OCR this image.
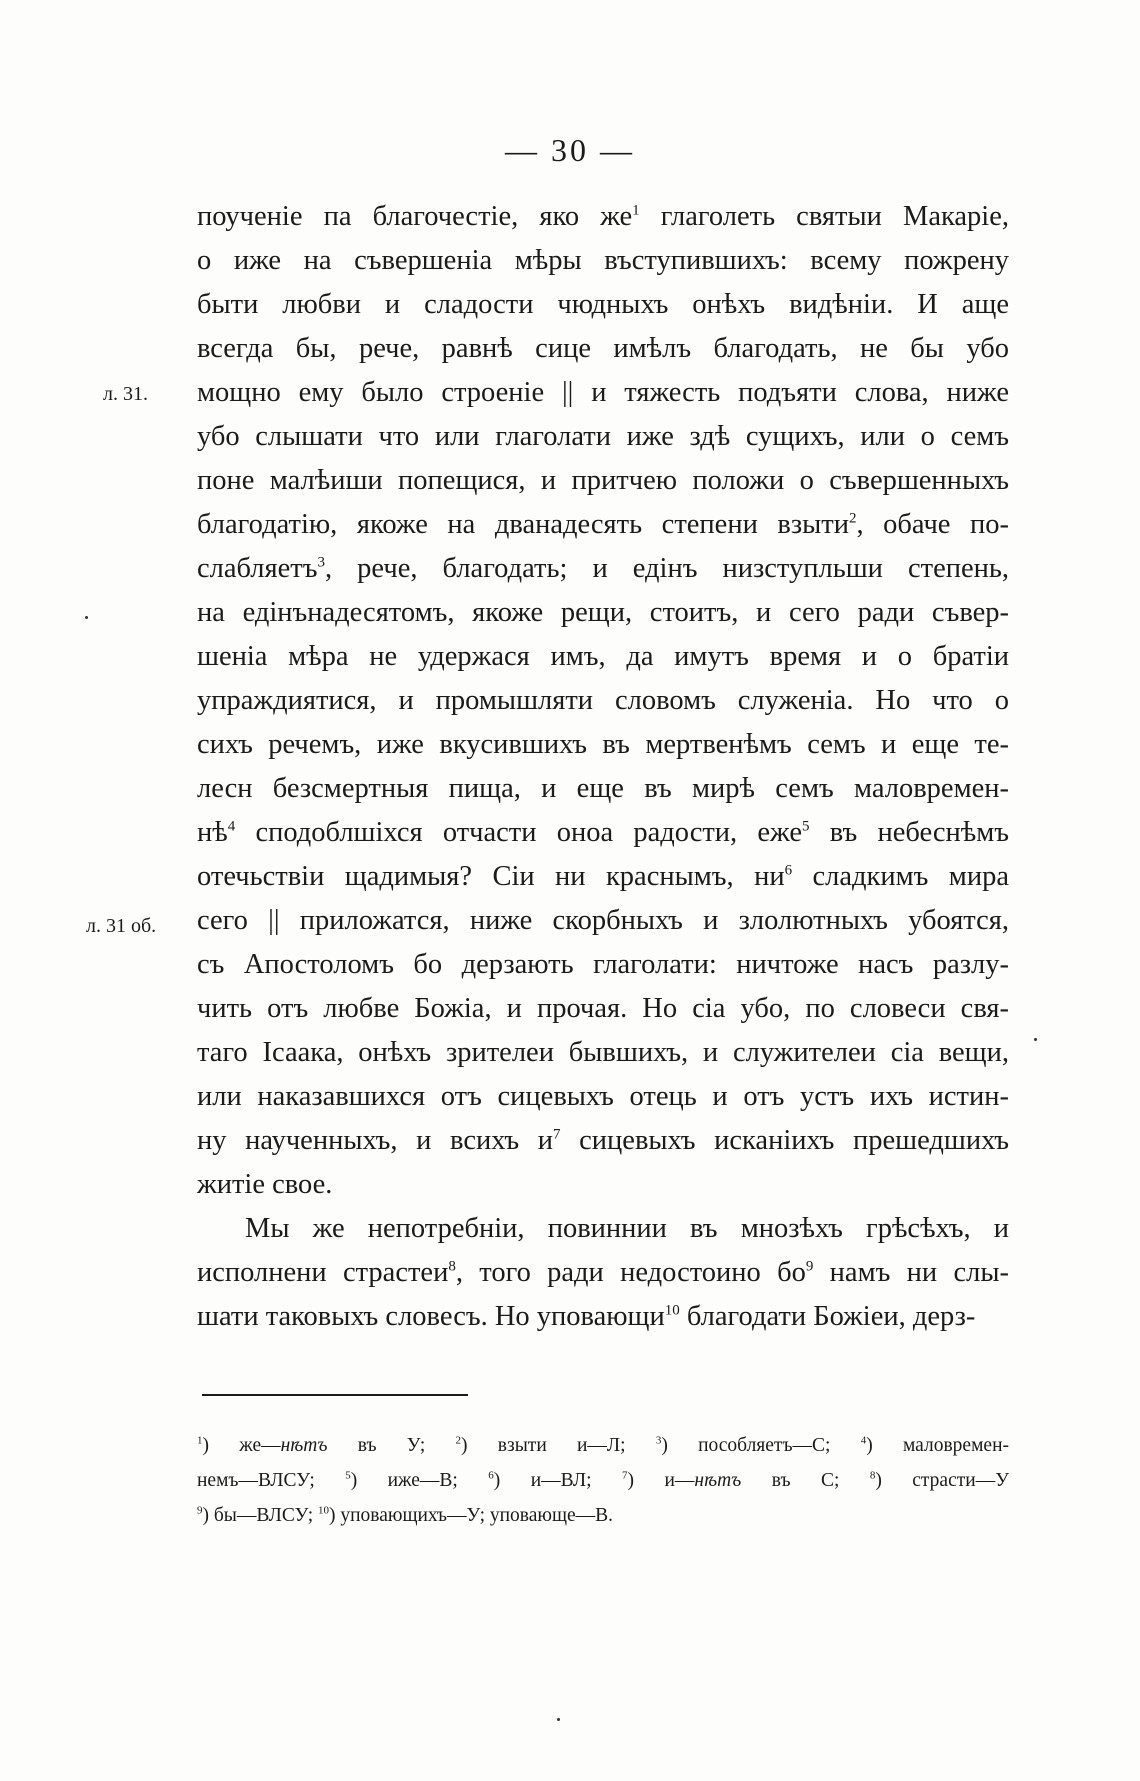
— 30 —
л. 31.
л. 31 об.
поученіе па благочестіе, яко $же^1$ глаголеть святыи Макаріе,
о иже на съвершеніа мѣры въступившихъ: всему пожрену
быти любви и сладости чюдныхъ онѣхъ видѣніи. И аще
всегда бы, рече, равнѣ сице имѣлъ благодать, не бы убо
мощно ему было строеніе || и тяжесть подъяти слова, ниже
убо слышати что или глаголати иже здѣ сущихъ, или о семъ
поне малѣиши попещися, и притчею положи о съвершенныхъ
благодатію, якоже на дванадесять степени взыти$^2$, обаче по-
слабляетъ$^3$, рече, благодать; и едінъ низступльши степень,
на едінънадесятомъ, якоже рещи, стоитъ, и сего ради съвер-
шеніа мѣра не удержася имъ, да имутъ время и о братіи
упраждиятися, и промышляти словомъ служеніа. Но что о
сихъ речемъ, иже вкусившихъ въ мертвенѣмъ семъ и еще те-
лесн безсмертныя пища, и еще въ мирѣ семъ маловремен-
$нѣ^4$ сподоблшіхся отчасти оноа радости, еже$^5$ въ небеснѣмъ
отечьствіи щадимыя? Сіи ни краснымъ, $ни^6$ сладкимъ мира
сего || приложатся, ниже скорбныхъ и злолютныхъ убоятся,
съ Апостоломъ бо дерзають глаголати: ничтоже насъ разлу-
чить отъ любве Божіа, и прочая. Но сіа убо, по словеси свя-
таго Ісаака, онѣхъ зрителеи бывшихъ, и служителеи сіа вещи,
или наказавшихся отъ сицевыхъ отець и отъ устъ ихъ истин-
ну наученныхъ, и всихъ $и^7$ сицевыхъ исканіихъ прешедшихъ
житіе свое.
Мы же непотребніи, повиннии въ мнозѣхъ грѣсѣхъ, и
исполнени страстеи$^8$, того ради недостоино $бо^9$ намъ ни слы-
шати таковыхъ словесъ. Но уповающи$^{10}$ благодати Божіеи, дерз-
$^1$) же—нѣтъ въ У; $^2$) взыти и—Л; $^3$) пособляетъ—С; $^4$) маловремен-
немъ—ВЛСУ; $^5$) иже—В; $^6$) и—ВЛ; $^7$) и—нѣтъ въ С; $^8$) страсти—У
$^9$) бы—ВЛСУ; $^{10}$) уповающихъ—У; уповающе—В.
